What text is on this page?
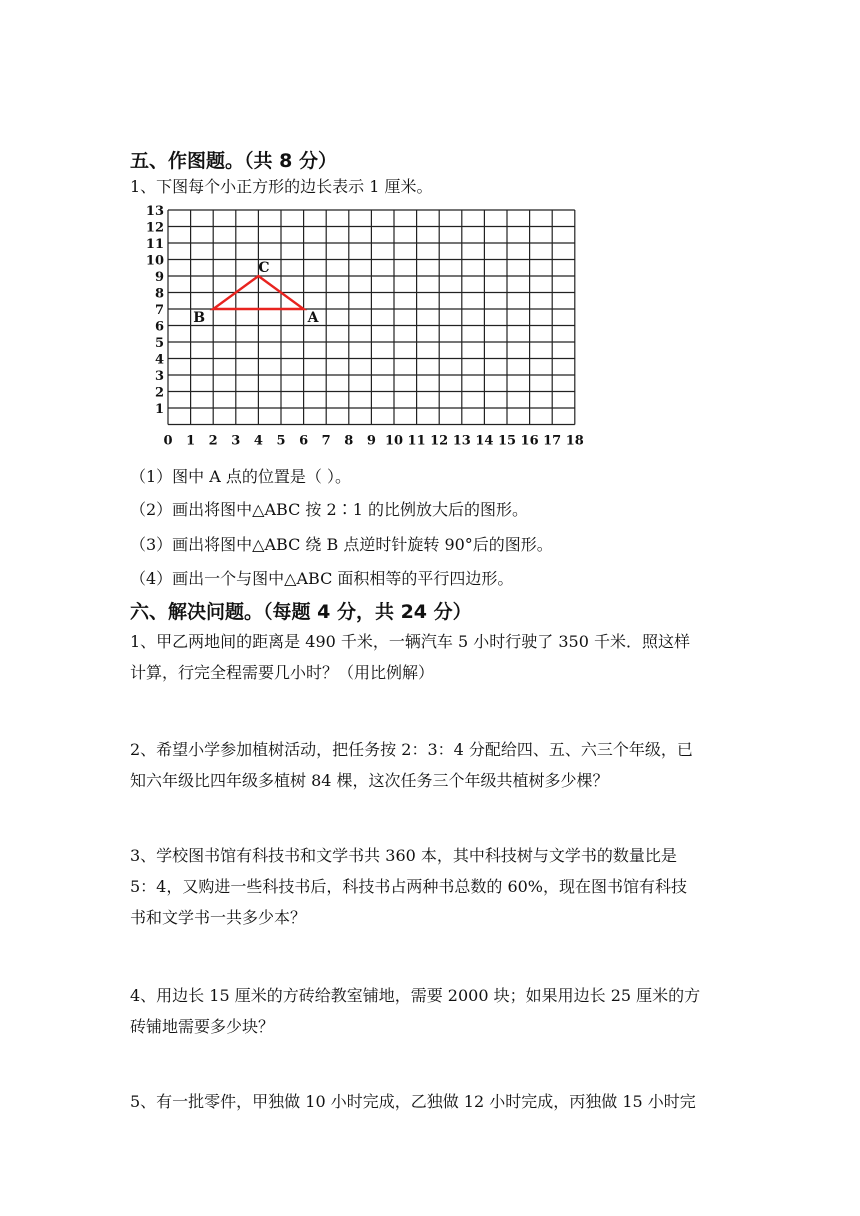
五、作图题。（共 8 分）
1、下图每个小正方形的边长表示 1 厘米。
13
12
11
10
9
8
7
6
5
4
3
2
1
0 1 2 3 4 5 6 7 8 9 10 11 12 13 14 15 16 17 18
A
B
C
（1）图中 A 点的位置是（ ）。
（2）画出将图中△ABC 按 2∶1 的比例放大后的图形。
（3）画出将图中△ABC 绕 B 点逆时针旋转 90°后的图形。
（4）画出一个与图中△ABC 面积相等的平行四边形。
六、解决问题。（每题 4 分，共 24 分）
1、甲乙两地间的距离是 490 千米，一辆汽车 5 小时行驶了 350 千米．照这样
计算，行完全程需要几小时？（用比例解）
2、希望小学参加植树活动，把任务按 2：3：4 分配给四、五、六三个年级，已
知六年级比四年级多植树 84 棵，这次任务三个年级共植树多少棵？
3、学校图书馆有科技书和文学书共 360 本，其中科技树与文学书的数量比是
5：4，又购进一些科技书后，科技书占两种书总数的 60%，现在图书馆有科技
书和文学书一共多少本？
4、用边长 15 厘米的方砖给教室铺地，需要 2000 块；如果用边长 25 厘米的方
砖铺地需要多少块？
5、有一批零件，甲独做 10 小时完成，乙独做 12 小时完成，丙独做 15 小时完
